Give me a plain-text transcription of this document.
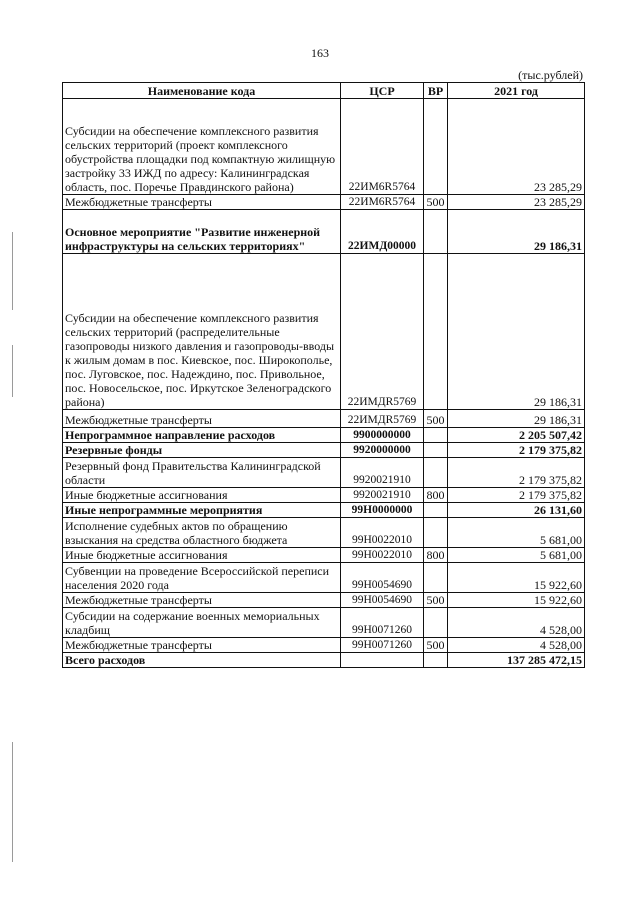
163
(тыс.рублей)
Наименование кода	ЦСР	ВР	2021 год
Субсидии на обеспечение комплексного развития сельских территорий (проект комплексного обустройства площадки под компактную жилищную застройку 33 ИЖД по адресу: Калининградская область, пос. Поречье Правдинского района)	22ИМ6R5764		23 285,29
Межбюджетные трансферты	22ИМ6R5764	500	23 285,29
Основное мероприятие "Развитие инженерной инфраструктуры на сельских территориях"	22ИМД00000		29 186,31
Субсидии на обеспечение комплексного развития сельских территорий (распределительные газопроводы низкого давления и газопроводы-вводы к жилым домам в пос. Киевское, пос. Широкополье, пос. Луговское, пос. Надеждино, пос. Привольное, пос. Новосельское, пос. Иркутское Зеленоградского района)	22ИМДR5769		29 186,31
Межбюджетные трансферты	22ИМДR5769	500	29 186,31
Непрограммное направление расходов	9900000000		2 205 507,42
Резервные фонды	9920000000		2 179 375,82
Резервный фонд Правительства Калининградской области	9920021910		2 179 375,82
Иные бюджетные ассигнования	9920021910	800	2 179 375,82
Иные непрограммные мероприятия	99Н0000000		26 131,60
Исполнение судебных актов по обращению взыскания на средства областного бюджета	99Н0022010		5 681,00
Иные бюджетные ассигнования	99Н0022010	800	5 681,00
Субвенции на проведение Всероссийской переписи населения 2020 года	99Н0054690		15 922,60
Межбюджетные трансферты	99Н0054690	500	15 922,60
Субсидии на содержание военных мемориальных кладбищ	99Н0071260		4 528,00
Межбюджетные трансферты	99Н0071260	500	4 528,00
Всего расходов			137 285 472,15
